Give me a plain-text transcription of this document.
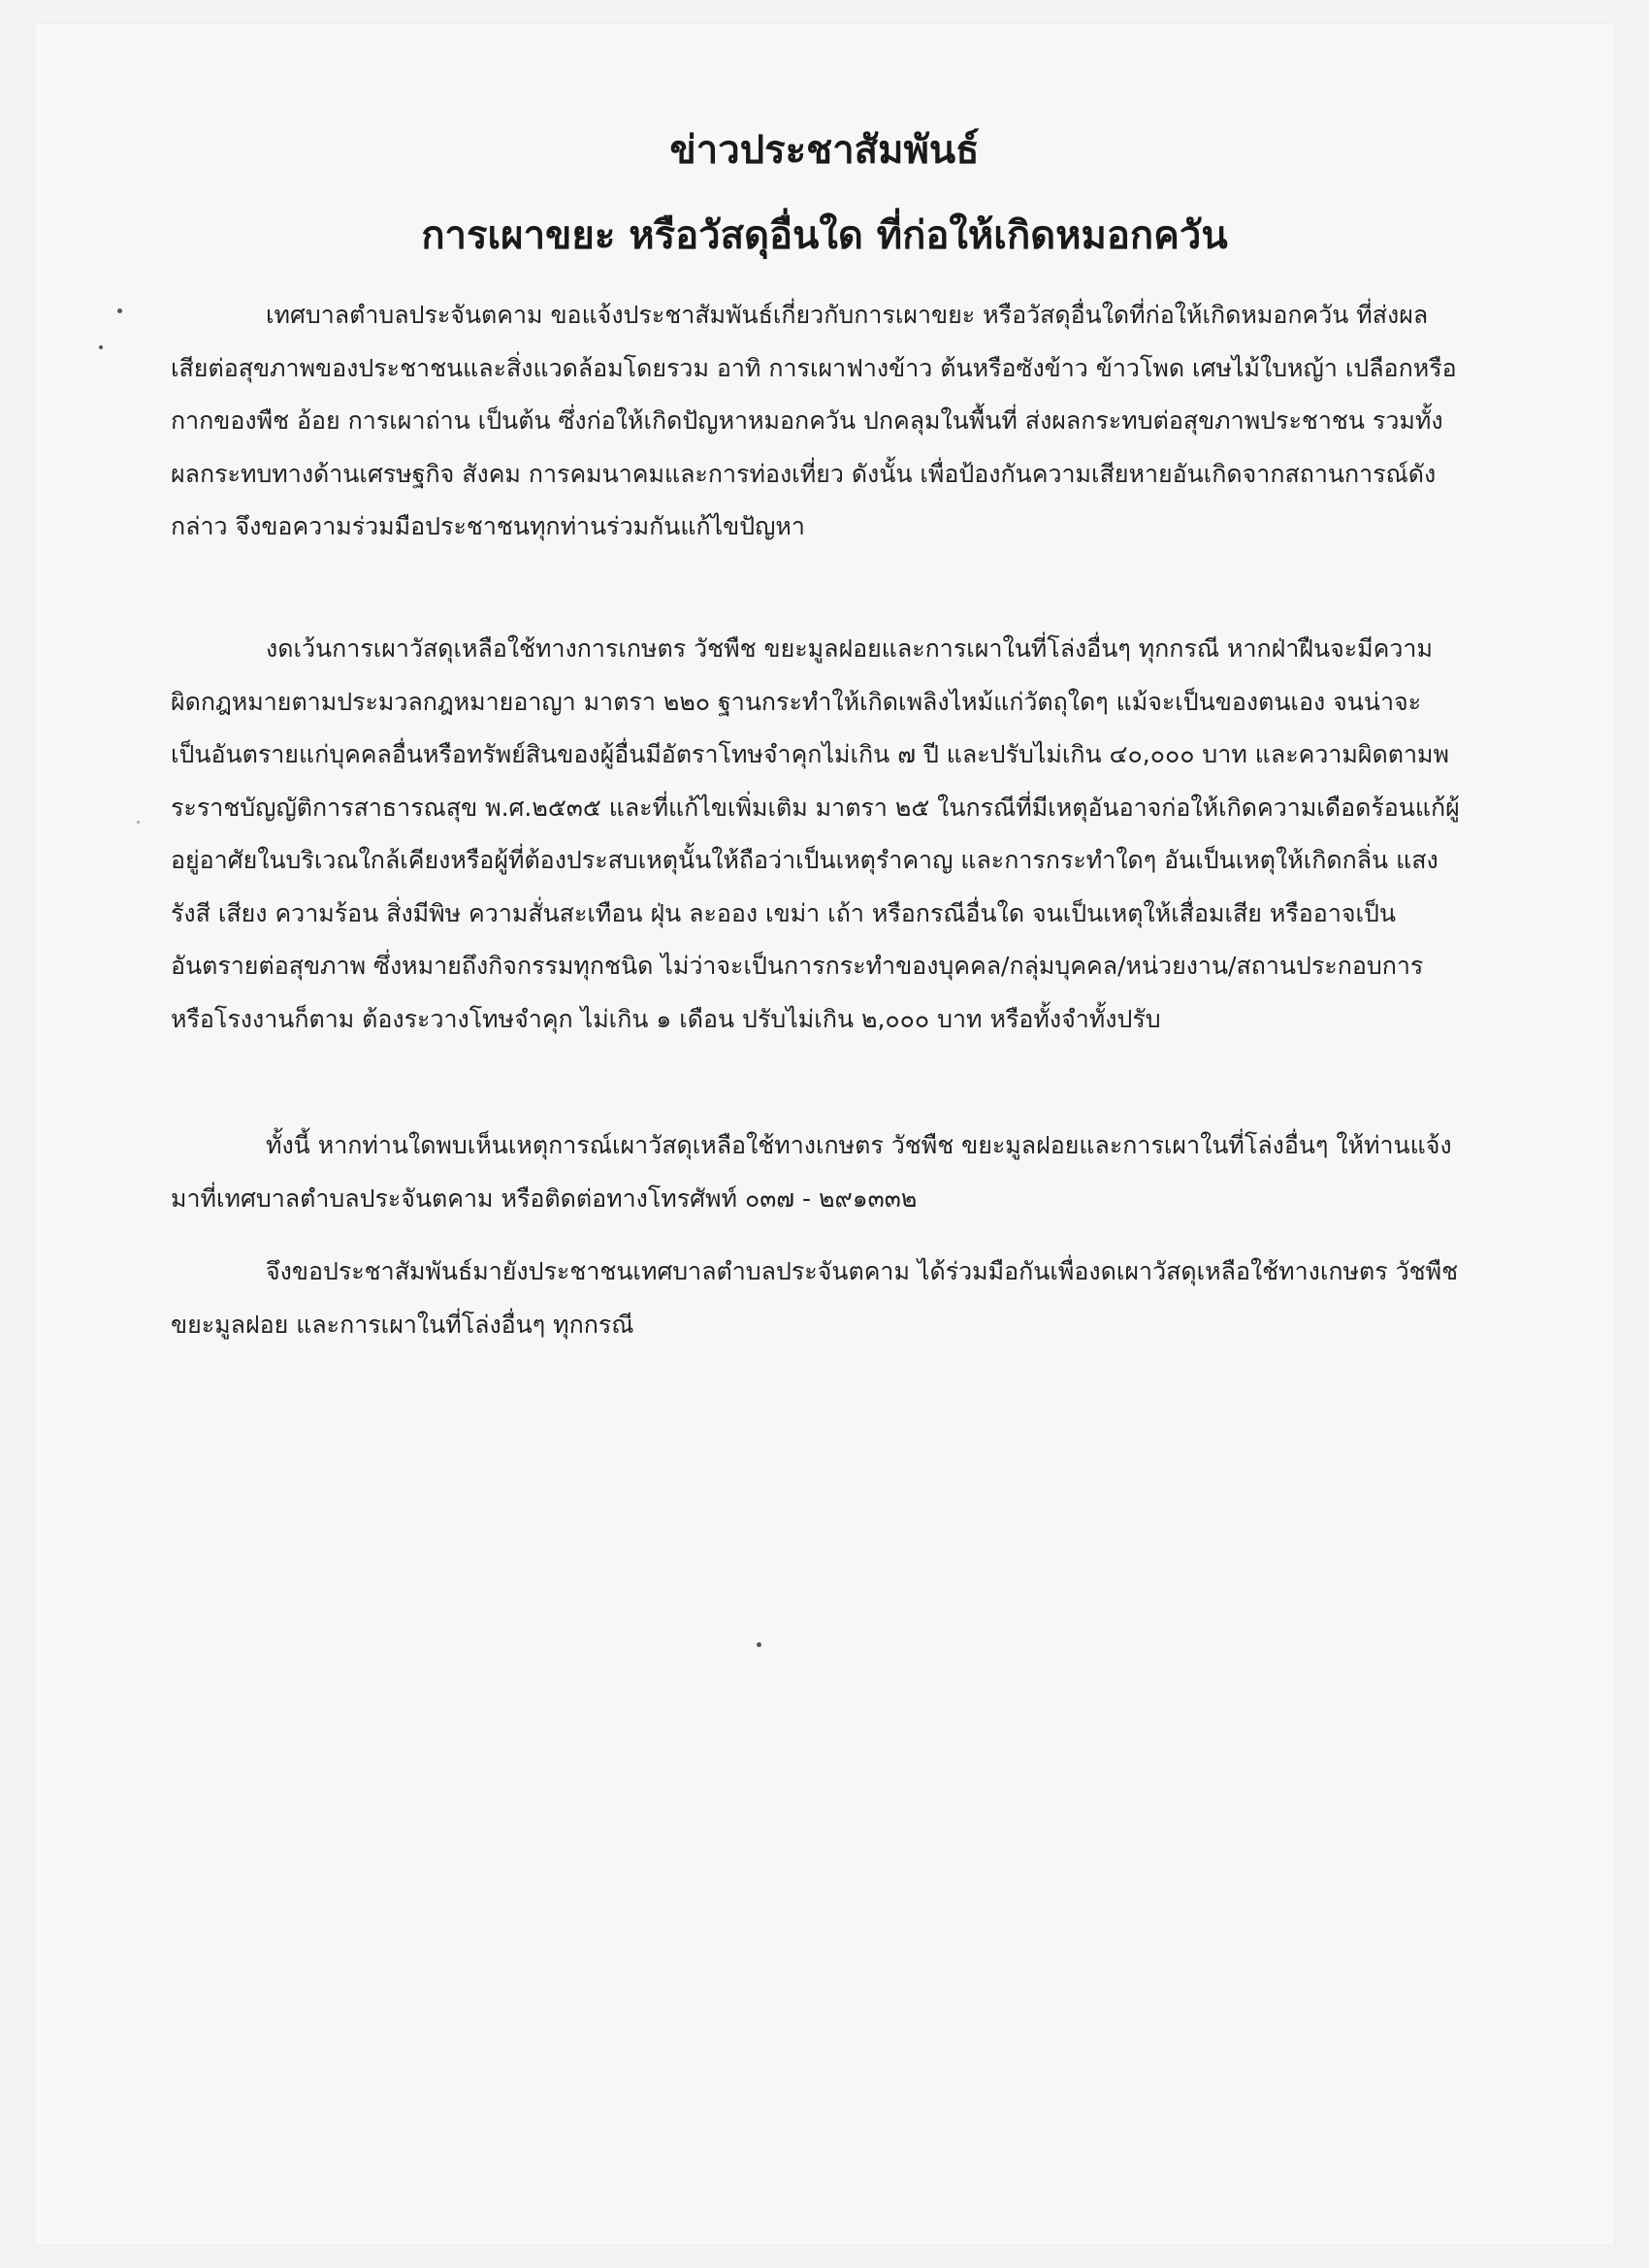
ข่าวประชาสัมพันธ์
การเผาขยะ หรือวัสดุอื่นใด ที่ก่อให้เกิดหมอกควัน

เทศบาลตำบลประจันตคาม ขอแจ้งประชาสัมพันธ์เกี่ยวกับการเผาขยะ หรือวัสดุอื่นใดที่ก่อให้เกิดหมอกควัน ที่ส่งผลเสียต่อสุขภาพของประชาชนและสิ่งแวดล้อมโดยรวม อาทิ การเผาฟางข้าว ต้นหรือซังข้าว ข้าวโพด เศษไม้ใบหญ้า เปลือกหรือกากของพืช อ้อย การเผาถ่าน เป็นต้น ซึ่งก่อให้เกิดปัญหาหมอกควัน ปกคลุมในพื้นที่ ส่งผลกระทบต่อสุขภาพประชาชน รวมทั้งผลกระทบทางด้านเศรษฐกิจ สังคม การคมนาคมและการท่องเที่ยว ดังนั้น เพื่อป้องกันความเสียหายอันเกิดจากสถานการณ์ดังกล่าว จึงขอความร่วมมือประชาชนทุกท่านร่วมกันแก้ไขปัญหา

งดเว้นการเผาวัสดุเหลือใช้ทางการเกษตร วัชพืช ขยะมูลฝอยและการเผาในที่โล่งอื่นๆ ทุกกรณี หากฝ่าฝืนจะมีความผิดกฎหมายตามประมวลกฎหมายอาญา มาตรา ๒๒๐ ฐานกระทำให้เกิดเพลิงไหม้แก่วัตถุใดๆ แม้จะเป็นของตนเอง จนน่าจะเป็นอันตรายแก่บุคคลอื่นหรือทรัพย์สินของผู้อื่นมีอัตราโทษจำคุกไม่เกิน ๗ ปี และปรับไม่เกิน ๔๐,๐๐๐ บาท และความผิดตามพระราชบัญญัติการสาธารณสุข พ.ศ.๒๕๓๕ และที่แก้ไขเพิ่มเติม มาตรา ๒๕ ในกรณีที่มีเหตุอันอาจก่อให้เกิดความเดือดร้อนแก้ผู้อยู่อาศัยในบริเวณใกล้เคียงหรือผู้ที่ต้องประสบเหตุนั้นให้ถือว่าเป็นเหตุรำคาญ และการกระทำใดๆ อันเป็นเหตุให้เกิดกลิ่น แสง รังสี เสียง ความร้อน สิ่งมีพิษ ความสั่นสะเทือน ฝุ่น ละออง เขม่า เถ้า หรือกรณีอื่นใด จนเป็นเหตุให้เสื่อมเสีย หรืออาจเป็นอันตรายต่อสุขภาพ ซึ่งหมายถึงกิจกรรมทุกชนิด ไม่ว่าจะเป็นการกระทำของบุคคล/กลุ่มบุคคล/หน่วยงาน/สถานประกอบการหรือโรงงานก็ตาม ต้องระวางโทษจำคุก ไม่เกิน ๑ เดือน ปรับไม่เกิน ๒,๐๐๐ บาท หรือทั้งจำทั้งปรับ

ทั้งนี้ หากท่านใดพบเห็นเหตุการณ์เผาวัสดุเหลือใช้ทางเกษตร วัชพืช ขยะมูลฝอยและการเผาในที่โล่งอื่นๆ ให้ท่านแจ้งมาที่เทศบาลตำบลประจันตคาม หรือติดต่อทางโทรศัพท์ ๐๓๗ - ๒๙๑๓๓๒

จึงขอประชาสัมพันธ์มายังประชาชนเทศบาลตำบลประจันตคาม ได้ร่วมมือกันเพื่องดเผาวัสดุเหลือใช้ทางเกษตร วัชพืช ขยะมูลฝอย และการเผาในที่โล่งอื่นๆ ทุกกรณี
